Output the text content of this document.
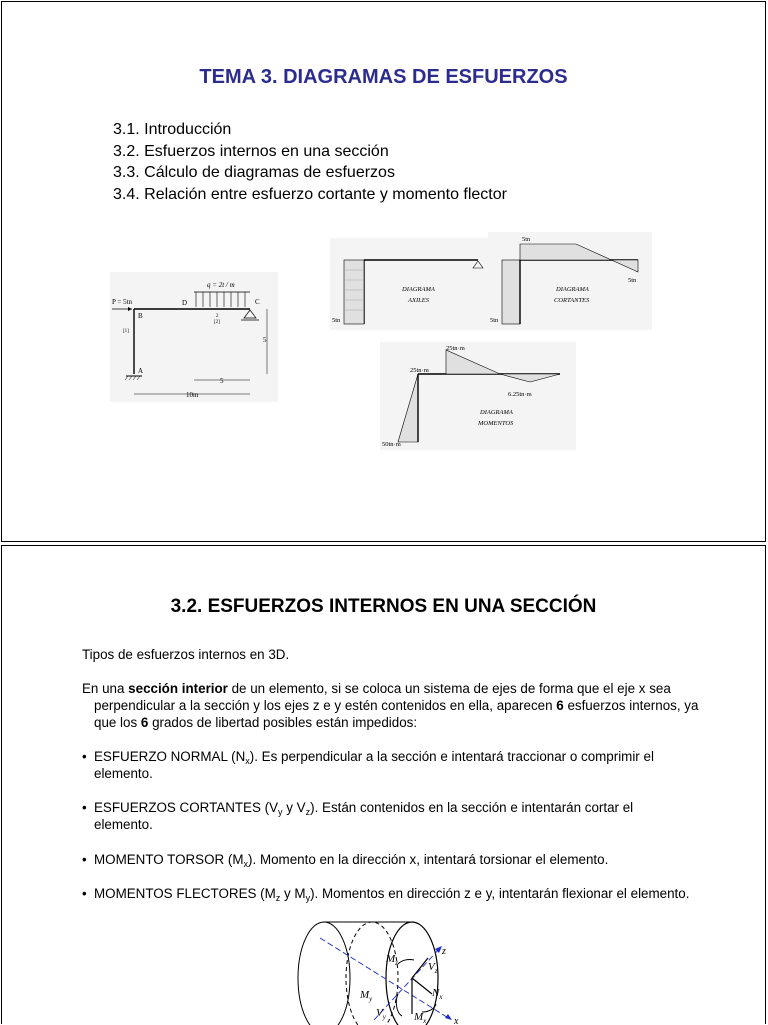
TEMA 3. DIAGRAMAS DE ESFUERZOS
3.1. Introducción
3.2. Esfuerzos internos en una sección
3.3. Cálculo de diagramas de esfuerzos
3.4. Relación entre esfuerzo cortante y momento flector
P = 5tn
q = 2t / m
B
A
C
D
[1]
[2]
2
5
5
10m
DIAGRAMA
AXILES
5tn
5tn
5tn
5tn
DIAGRAMA
CORTANTES
25tn·m
25tn·m
6.25tn·m
50tn·m
DIAGRAMA
MOMENTOS
3.2. ESFUERZOS INTERNOS EN UNA SECCIÓN
Tipos de esfuerzos internos en 3D.
En una sección interior de un elemento, si se coloca un sistema de ejes de forma que el eje x sea perpendicular a la sección y los ejes z e y estén contenidos en ella, aparecen 6 esfuerzos internos, ya que los 6 grados de libertad posibles están impedidos:
• ESFUERZO NORMAL $(N_x)$. Es perpendicular a la sección e intentará traccionar o comprimir el elemento.
• ESFUERZOS CORTANTES ($V_y$ y $V_z$). Están contenidos en la sección e intentarán cortar el elemento.
• MOMENTO TORSOR $(M_x)$. Momento en la dirección x, intentará torsionar el elemento.
• MOMENTOS FLECTORES ($M_z$ y $M_y$). Momentos en dirección z e y, intentarán flexionar el elemento.
x
z
$M_z$	$V_z$
$M_y$
$V_y$
$N_x$
$M_x$
